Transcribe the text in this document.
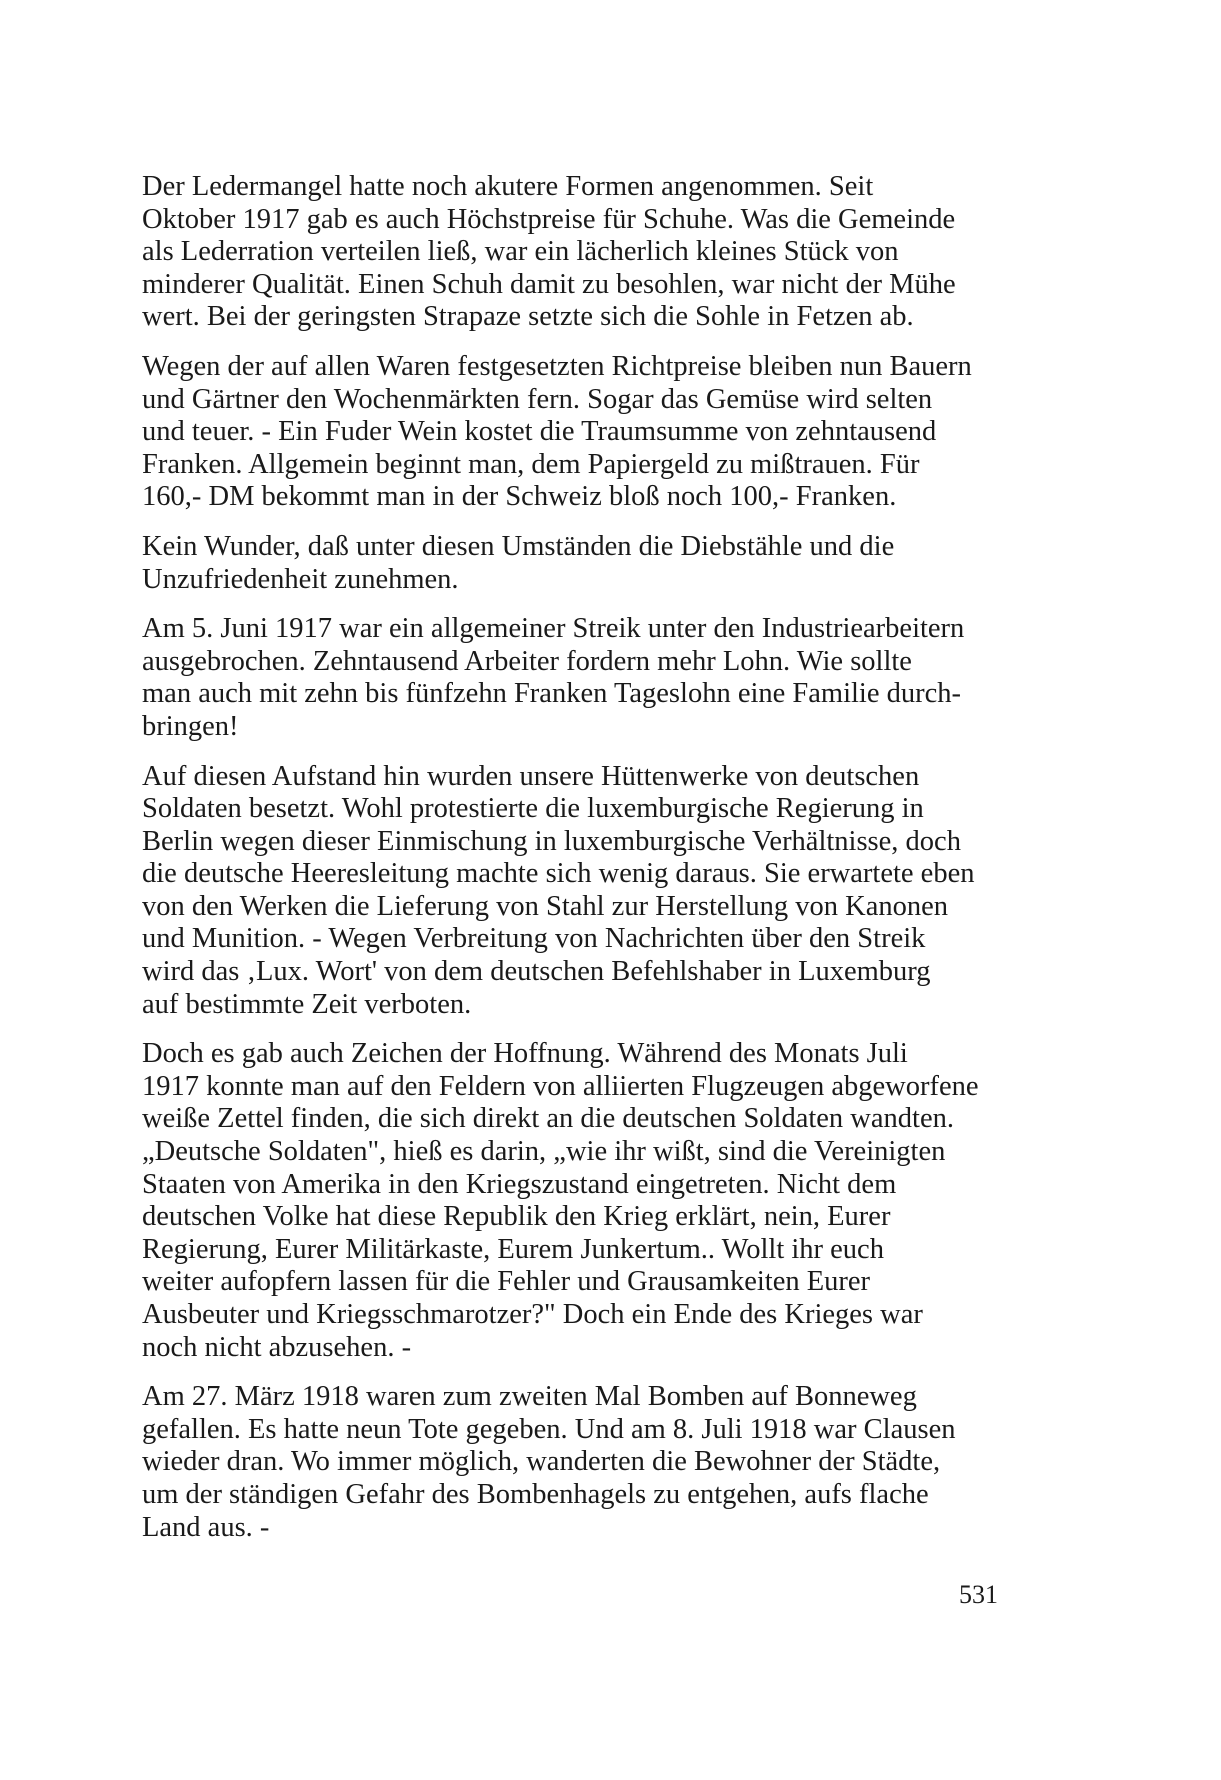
Der Ledermangel hatte noch akutere Formen angenommen. Seit
Oktober 1917 gab es auch Höchstpreise für Schuhe. Was die Gemeinde
als Lederration verteilen ließ, war ein lächerlich kleines Stück von
minderer Qualität. Einen Schuh damit zu besohlen, war nicht der Mühe
wert. Bei der geringsten Strapaze setzte sich die Sohle in Fetzen ab.

Wegen der auf allen Waren festgesetzten Richtpreise bleiben nun Bauern
und Gärtner den Wochenmärkten fern. Sogar das Gemüse wird selten
und teuer. - Ein Fuder Wein kostet die Traumsumme von zehntausend
Franken. Allgemein beginnt man, dem Papiergeld zu mißtrauen. Für
160,- DM bekommt man in der Schweiz bloß noch 100,- Franken.

Kein Wunder, daß unter diesen Umständen die Diebstähle und die
Unzufriedenheit zunehmen.

Am 5. Juni 1917 war ein allgemeiner Streik unter den Industriearbeitern
ausgebrochen. Zehntausend Arbeiter fordern mehr Lohn. Wie sollte
man auch mit zehn bis fünfzehn Franken Tageslohn eine Familie durch-
bringen!

Auf diesen Aufstand hin wurden unsere Hüttenwerke von deutschen
Soldaten besetzt. Wohl protestierte die luxemburgische Regierung in
Berlin wegen dieser Einmischung in luxemburgische Verhältnisse, doch
die deutsche Heeresleitung machte sich wenig daraus. Sie erwartete eben
von den Werken die Lieferung von Stahl zur Herstellung von Kanonen
und Munition. - Wegen Verbreitung von Nachrichten über den Streik
wird das ‚Lux. Wort' von dem deutschen Befehlshaber in Luxemburg
auf bestimmte Zeit verboten.

Doch es gab auch Zeichen der Hoffnung. Während des Monats Juli
1917 konnte man auf den Feldern von alliierten Flugzeugen abgeworfene
weiße Zettel finden, die sich direkt an die deutschen Soldaten wandten.
„Deutsche Soldaten", hieß es darin, „wie ihr wißt, sind die Vereinigten
Staaten von Amerika in den Kriegszustand eingetreten. Nicht dem
deutschen Volke hat diese Republik den Krieg erklärt, nein, Eurer
Regierung, Eurer Militärkaste, Eurem Junkertum.. Wollt ihr euch
weiter aufopfern lassen für die Fehler und Grausamkeiten Eurer
Ausbeuter und Kriegsschmarotzer?" Doch ein Ende des Krieges war
noch nicht abzusehen. -

Am 27. März 1918 waren zum zweiten Mal Bomben auf Bonneweg
gefallen. Es hatte neun Tote gegeben. Und am 8. Juli 1918 war Clausen
wieder dran. Wo immer möglich, wanderten die Bewohner der Städte,
um der ständigen Gefahr des Bombenhagels zu entgehen, aufs flache
Land aus. -

531
